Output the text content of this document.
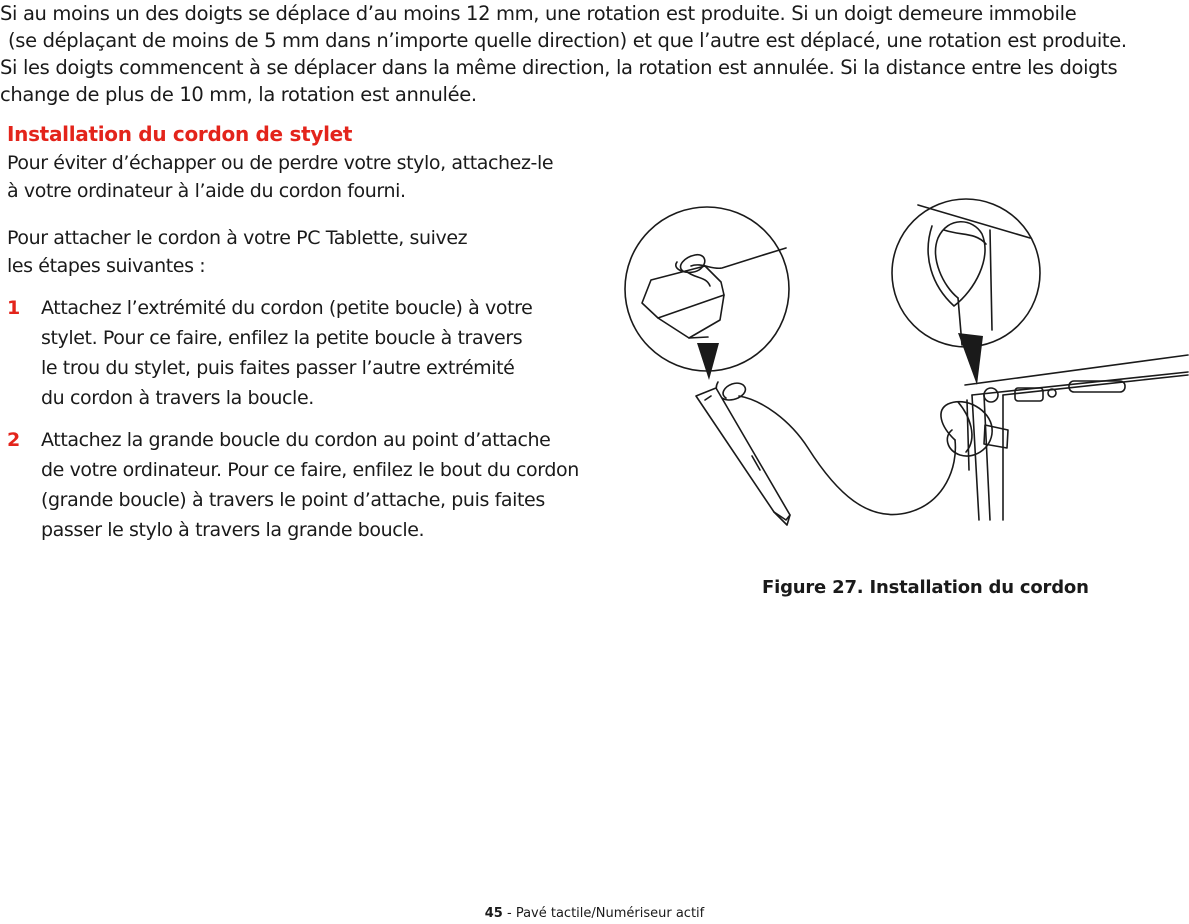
Si au moins un des doigts se déplace d’au moins 12 mm, une rotation est produite. Si un doigt demeure immobile

(se déplaçant de moins de 5 mm dans n’importe quelle direction) et que l’autre est déplacé, une rotation est produite.

Si les doigts commencent à se déplacer dans la même direction, la rotation est annulée. Si la distance entre les doigts

change de plus de 10 mm, la rotation est annulée.

Installation du cordon de stylet

Pour éviter d’échapper ou de perdre votre stylo, attachez-le

à votre ordinateur à l’aide du cordon fourni.

Pour attacher le cordon à votre PC Tablette, suivez

les étapes suivantes :

1	Attachez l’extrémité du cordon (petite boucle) à votre

stylet. Pour ce faire, enfilez la petite boucle à travers

le trou du stylet, puis faites passer l’autre extrémité

du cordon à travers la boucle.

2	Attachez la grande boucle du cordon au point d’attache

de votre ordinateur. Pour ce faire, enfilez le bout du cordon

(grande boucle) à travers le point d’attache, puis faites

passer le stylo à travers la grande boucle.

Figure 27. Installation du cordon
45 - Pavé tactile/Numériseur actif
